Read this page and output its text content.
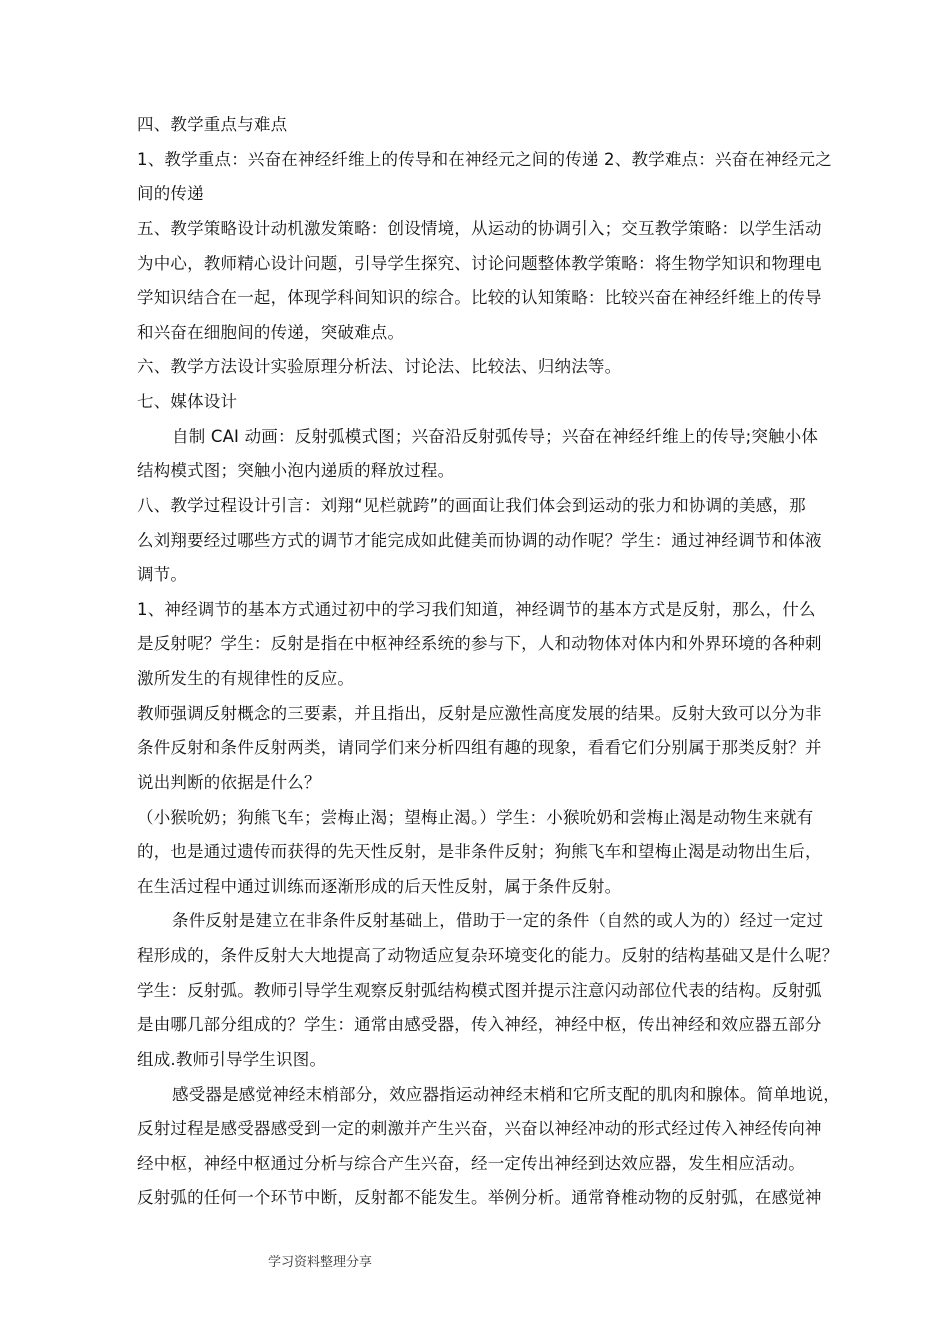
四、教学重点与难点

1、教学重点：兴奋在神经纤维上的传导和在神经元之间的传递 2、教学难点：兴奋在神经元之

间的传递

五、教学策略设计动机激发策略：创设情境，从运动的协调引入；交互教学策略：以学生活动

为中心，教师精心设计问题，引导学生探究、讨论问题整体教学策略：将生物学知识和物理电

学知识结合在一起，体现学科间知识的综合。比较的认知策略：比较兴奋在神经纤维上的传导

和兴奋在细胞间的传递，突破难点。

六、教学方法设计实验原理分析法、讨论法、比较法、归纳法等。

七、媒体设计

自制 CAI 动画：反射弧模式图；兴奋沿反射弧传导；兴奋在神经纤维上的传导;突触小体

结构模式图；突触小泡内递质的释放过程。

八、教学过程设计引言：刘翔“见栏就跨”的画面让我们体会到运动的张力和协调的美感，那

么刘翔要经过哪些方式的调节才能完成如此健美而协调的动作呢？学生：通过神经调节和体液

调节。

1、神经调节的基本方式通过初中的学习我们知道，神经调节的基本方式是反射，那么，什么

是反射呢？学生：反射是指在中枢神经系统的参与下，人和动物体对体内和外界环境的各种刺

激所发生的有规律性的反应。

教师强调反射概念的三要素，并且指出，反射是应激性高度发展的结果。反射大致可以分为非

条件反射和条件反射两类，请同学们来分析四组有趣的现象，看看它们分别属于那类反射？并

说出判断的依据是什么？

（小猴吮奶；狗熊飞车；尝梅止渴；望梅止渴。）学生：小猴吮奶和尝梅止渴是动物生来就有

的，也是通过遗传而获得的先天性反射，是非条件反射；狗熊飞车和望梅止渴是动物出生后，

在生活过程中通过训练而逐渐形成的后天性反射，属于条件反射。

条件反射是建立在非条件反射基础上，借助于一定的条件（自然的或人为的）经过一定过

程形成的，条件反射大大地提高了动物适应复杂环境变化的能力。反射的结构基础又是什么呢？

学生：反射弧。教师引导学生观察反射弧结构模式图并提示注意闪动部位代表的结构。反射弧

是由哪几部分组成的？学生：通常由感受器，传入神经，神经中枢，传出神经和效应器五部分

组成.教师引导学生识图。

感受器是感觉神经末梢部分，效应器指运动神经末梢和它所支配的肌肉和腺体。简单地说，

反射过程是感受器感受到一定的刺激并产生兴奋，兴奋以神经冲动的形式经过传入神经传向神

经中枢，神经中枢通过分析与综合产生兴奋，经一定传出神经到达效应器，发生相应活动。

反射弧的任何一个环节中断，反射都不能发生。举例分析。通常脊椎动物的反射弧，在感觉神

学习资料整理分享
